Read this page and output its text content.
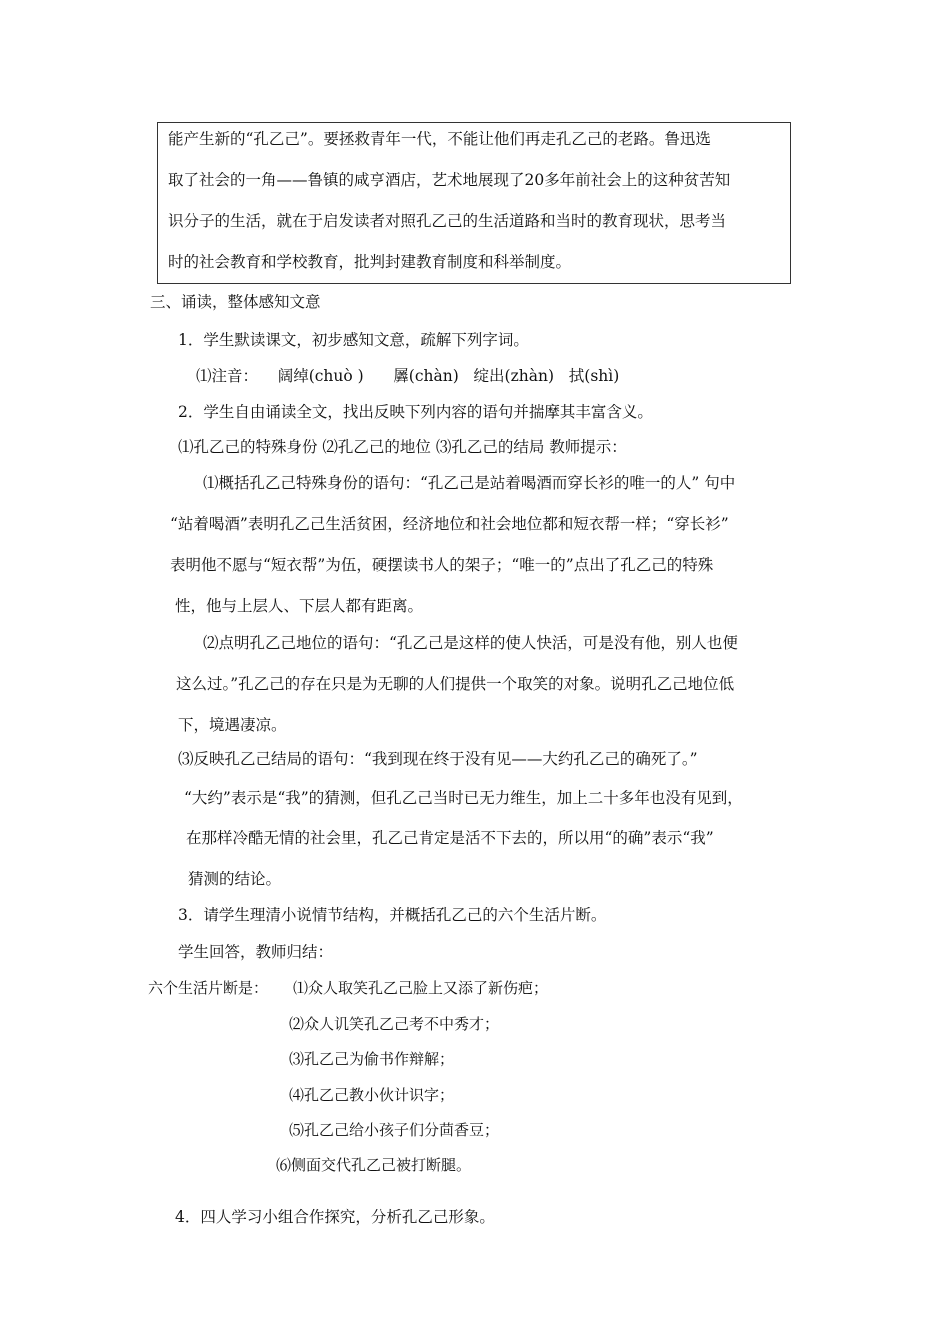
能产生新的“孔乙己”。要拯救青年一代，不能让他们再走孔乙己的老路。鲁迅选
取了社会的一角——鲁镇的咸亨酒店，艺术地展现了20多年前社会上的这种贫苦知
识分子的生活，就在于启发读者对照孔乙己的生活道路和当时的教育现状，思考当
时的社会教育和学校教育，批判封建教育制度和科举制度。
三、诵读，整体感知文意
1．学生默读课文，初步感知文意，疏解下列字词。
⑴注音：    阔绰(chuò )      羼(chàn)   绽出(zhàn)   拭(shì)
2．学生自由诵读全文，找出反映下列内容的语句并揣摩其丰富含义。
⑴孔乙己的特殊身份 ⑵孔乙己的地位 ⑶孔乙己的结局 教师提示：
⑴概括孔乙己特殊身份的语句：“孔乙己是站着喝酒而穿长衫的唯一的人” 句中
“站着喝酒”表明孔乙己生活贫困，经济地位和社会地位都和短衣帮一样；“穿长衫”
表明他不愿与“短衣帮”为伍，硬摆读书人的架子；“唯一的”点出了孔乙己的特殊
性，他与上层人、下层人都有距离。
⑵点明孔乙己地位的语句：“孔乙己是这样的使人快活，可是没有他，别人也便
这么过。”孔乙己的存在只是为无聊的人们提供一个取笑的对象。说明孔乙己地位低
下，境遇凄凉。
⑶反映孔乙己结局的语句：“我到现在终于没有见——大约孔乙己的确死了。”
“大约”表示是“我”的猜测，但孔乙己当时已无力维生，加上二十多年也没有见到，
在那样冷酷无情的社会里，孔乙己肯定是活不下去的，所以用“的确”表示“我”
猜测的结论。
3．请学生理清小说情节结构，并概括孔乙己的六个生活片断。
学生回答，教师归结：
六个生活片断是： ⑴众人取笑孔乙己脸上又添了新伤疤；
⑵众人讥笑孔乙己考不中秀才；
⑶孔乙己为偷书作辩解；
⑷孔乙己教小伙计识字；
⑸孔乙己给小孩子们分茴香豆；
⑹侧面交代孔乙己被打断腿。
4．四人学习小组合作探究，分析孔乙己形象。
